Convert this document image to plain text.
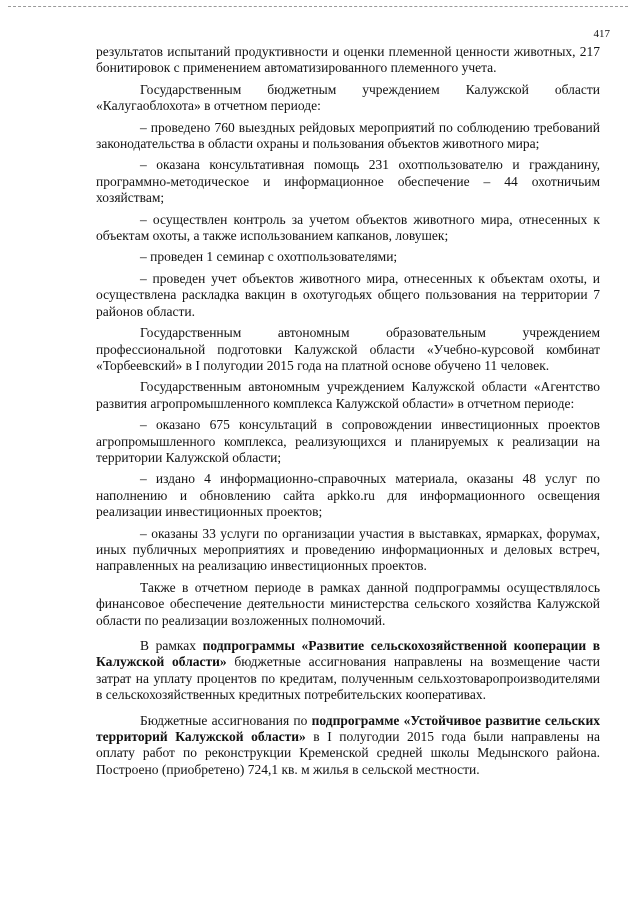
417

результатов испытаний продуктивности и оценки племенной ценности животных, 217 бонитировок с применением автоматизированного племенного учета.

Государственным бюджетным учреждением Калужской области «Калугаоблохота» в отчетном периоде:

– проведено 760 выездных рейдовых мероприятий по соблюдению требований законодательства в области охраны и пользования объектов животного мира;

– оказана консультативная помощь 231 охотпользователю и гражданину, программно-методическое и информационное обеспечение – 44 охотничьим хозяйствам;

– осуществлен контроль за учетом объектов животного мира, отнесенных к объектам охоты, а также использованием капканов, ловушек;

– проведен 1 семинар с охотпользователями;

– проведен учет объектов животного мира, отнесенных к объектам охоты, и осуществлена раскладка вакцин в охотугодьях общего пользования на территории 7 районов области.

Государственным автономным образовательным учреждением профессиональной подготовки Калужской области «Учебно-курсовой комбинат «Торбеевский» в I полугодии 2015 года на платной основе обучено 11 человек.

Государственным автономным учреждением Калужской области «Агентство развития агропромышленного комплекса Калужской области» в отчетном периоде:

– оказано 675 консультаций в сопровождении инвестиционных проектов агропромышленного комплекса, реализующихся и планируемых к реализации на территории Калужской области;

– издано 4 информационно-справочных материала, оказаны 48 услуг по наполнению и обновлению сайта apkko.ru для информационного освещения реализации инвестиционных проектов;

– оказаны 33 услуги по организации участия в выставках, ярмарках, форумах, иных публичных мероприятиях и проведению информационных и деловых встреч, направленных на реализацию инвестиционных проектов.

Также в отчетном периоде в рамках данной подпрограммы осуществлялось финансовое обеспечение деятельности министерства сельского хозяйства Калужской области по реализации возложенных полномочий.

В рамках подпрограммы «Развитие сельскохозяйственной кооперации в Калужской области» бюджетные ассигнования направлены на возмещение части затрат на уплату процентов по кредитам, полученным сельхозтоваропроизводителями в сельскохозяйственных кредитных потребительских кооперативах.

Бюджетные ассигнования по подпрограмме «Устойчивое развитие сельских территорий Калужской области» в I полугодии 2015 года были направлены на оплату работ по реконструкции Кременской средней школы Медынского района. Построено (приобретено) 724,1 кв. м жилья в сельской местности.
